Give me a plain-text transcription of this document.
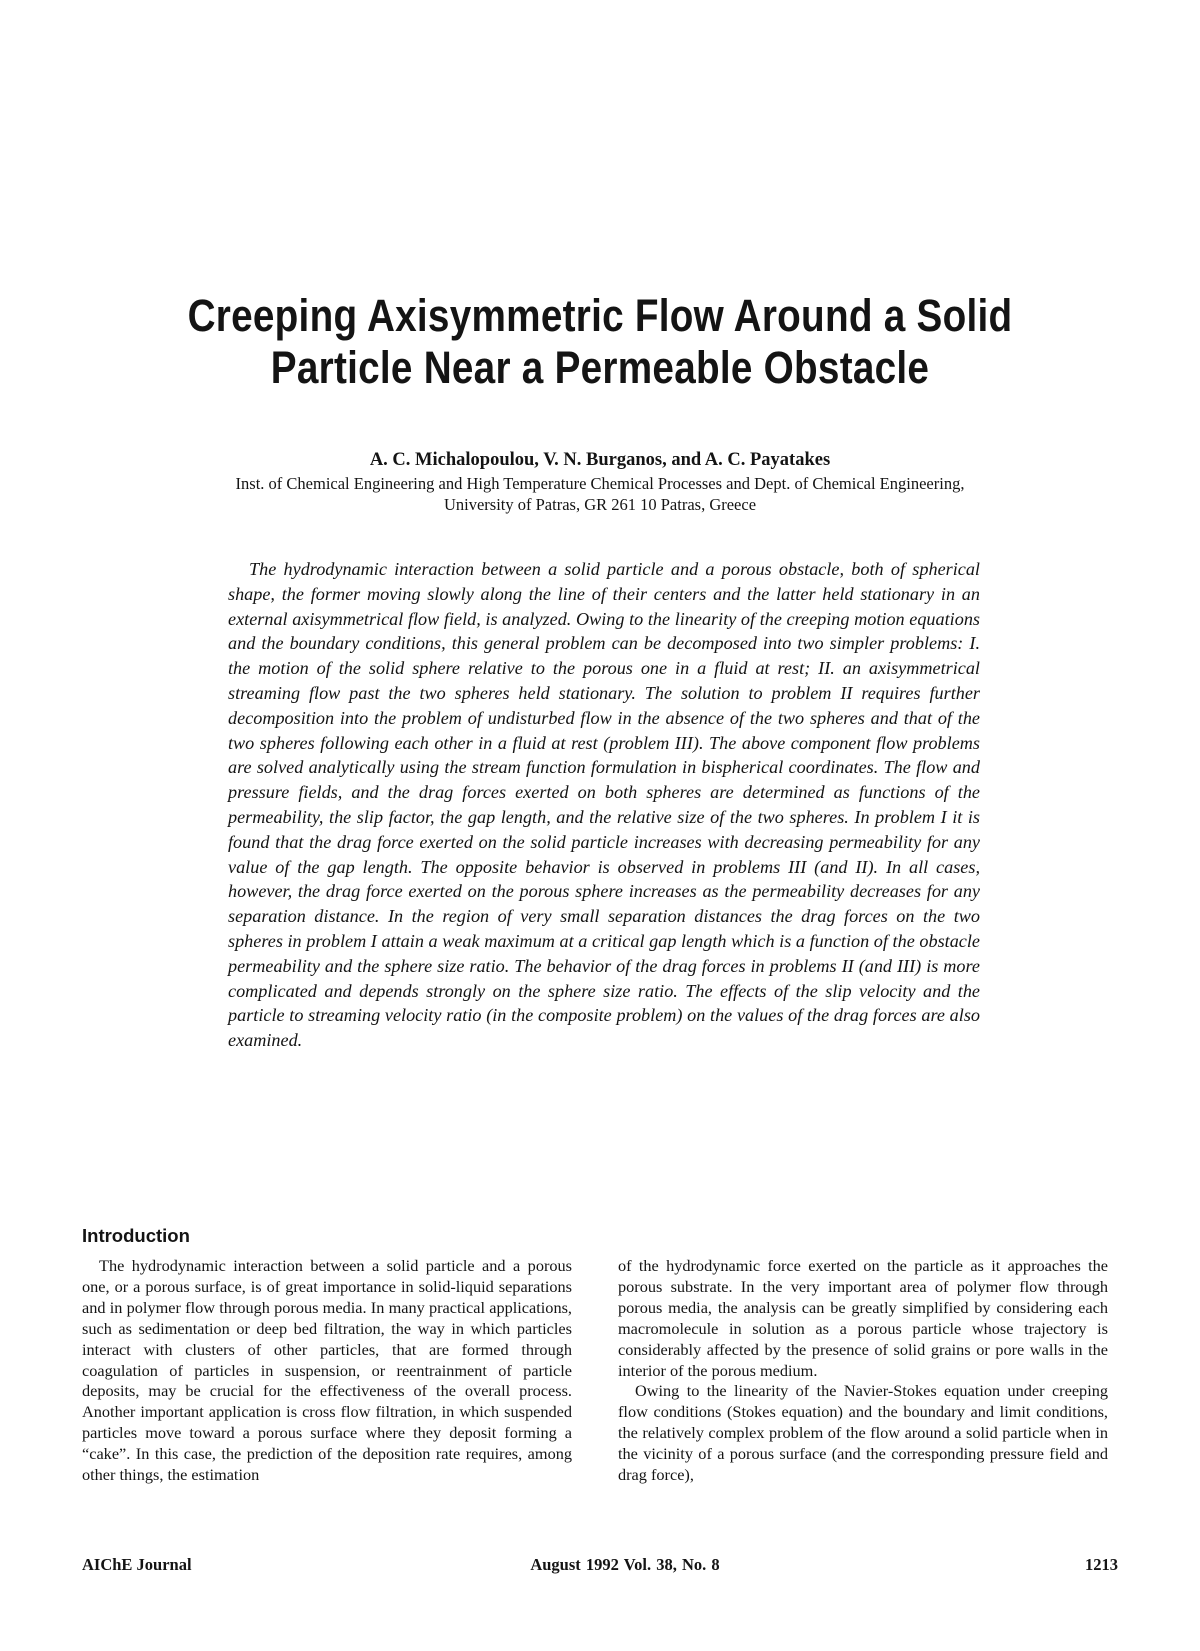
Creeping Axisymmetric Flow Around a Solid Particle Near a Permeable Obstacle
A. C. Michalopoulou, V. N. Burganos, and A. C. Payatakes
Inst. of Chemical Engineering and High Temperature Chemical Processes and Dept. of Chemical Engineering,
University of Patras, GR 261 10 Patras, Greece

The hydrodynamic interaction between a solid particle and a porous obstacle, both of spherical shape, the former moving slowly along the line of their centers and the latter held stationary in an external axisymmetrical flow field, is analyzed. Owing to the linearity of the creeping motion equations and the boundary conditions, this general problem can be decomposed into two simpler problems: I. the motion of the solid sphere relative to the porous one in a fluid at rest; II. an axisymmetrical streaming flow past the two spheres held stationary. The solution to problem II requires further decomposition into the problem of undisturbed flow in the absence of the two spheres and that of the two spheres following each other in a fluid at rest (problem III). The above component flow problems are solved analytically using the stream function formulation in bispherical coordinates. The flow and pressure fields, and the drag forces exerted on both spheres are determined as functions of the permeability, the slip factor, the gap length, and the relative size of the two spheres. In problem I it is found that the drag force exerted on the solid particle increases with decreasing permeability for any value of the gap length. The opposite behavior is observed in problems III (and II). In all cases, however, the drag force exerted on the porous sphere increases as the permeability decreases for any separation distance. In the region of very small separation distances the drag forces on the two spheres in problem I attain a weak maximum at a critical gap length which is a function of the obstacle permeability and the sphere size ratio. The behavior of the drag forces in problems II (and III) is more complicated and depends strongly on the sphere size ratio. The effects of the slip velocity and the particle to streaming velocity ratio (in the composite problem) on the values of the drag forces are also examined.

Introduction

The hydrodynamic interaction between a solid particle and a porous one, or a porous surface, is of great importance in solid-liquid separations and in polymer flow through porous media. In many practical applications, such as sedimentation or deep bed filtration, the way in which particles interact with clusters of other particles, that are formed through coagulation of particles in suspension, or reentrainment of particle deposits, may be crucial for the effectiveness of the overall process. Another important application is cross flow filtration, in which suspended particles move toward a porous surface where they deposit forming a “cake”. In this case, the prediction of the deposition rate requires, among other things, the estimation

of the hydrodynamic force exerted on the particle as it approaches the porous substrate. In the very important area of polymer flow through porous media, the analysis can be greatly simplified by considering each macromolecule in solution as a porous particle whose trajectory is considerably affected by the presence of solid grains or pore walls in the interior of the porous medium.

Owing to the linearity of the Navier-Stokes equation under creeping flow conditions (Stokes equation) and the boundary and limit conditions, the relatively complex problem of the flow around a solid particle when in the vicinity of a porous surface (and the corresponding pressure field and drag force),

AIChE Journal	August 1992 Vol. 38, No. 8	1213
